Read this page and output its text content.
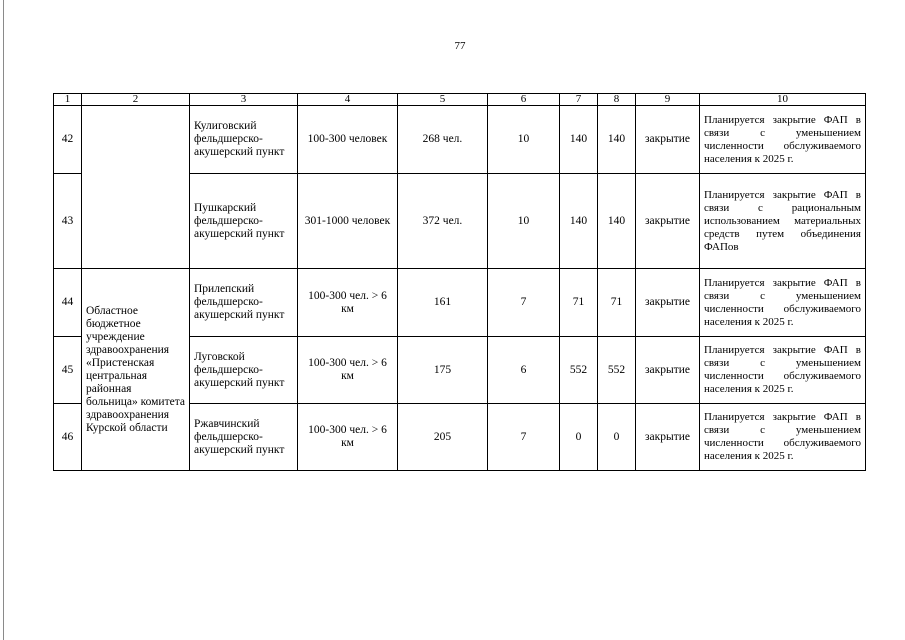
77
1	2	3	4	5	6	7	8	9	10
42		Кулиговский фельдшерско-акушерский пункт	100-300 человек	268 чел.	10	140	140	закрытие	Планируется закрытие ФАП в связи с уменьшением численности обслуживаемого населения к 2025 г.
43		Пушкарский фельдшерско-акушерский пункт	301-1000 человек	372 чел.	10	140	140	закрытие	Планируется закрытие ФАП в связи с рациональным использованием материальных средств путем объединения ФАПов
44	Областное бюджетное учреждение здравоохранения «Пристенская центральная районная больница» комитета здравоохранения Курской области	Прилепский фельдшерско-акушерский пункт	100-300 чел. > 6 км	161	7	71	71	закрытие	Планируется закрытие ФАП в связи с уменьшением численности обслуживаемого населения к 2025 г.
45		Луговской фельдшерско-акушерский пункт	100-300 чел. > 6 км	175	6	552	552	закрытие	Планируется закрытие ФАП в связи с уменьшением численности обслуживаемого населения к 2025 г.
46		Ржавчинский фельдшерско-акушерский пункт	100-300 чел. > 6 км	205	7	0	0	закрытие	Планируется закрытие ФАП в связи с уменьшением численности обслуживаемого населения к 2025 г.
